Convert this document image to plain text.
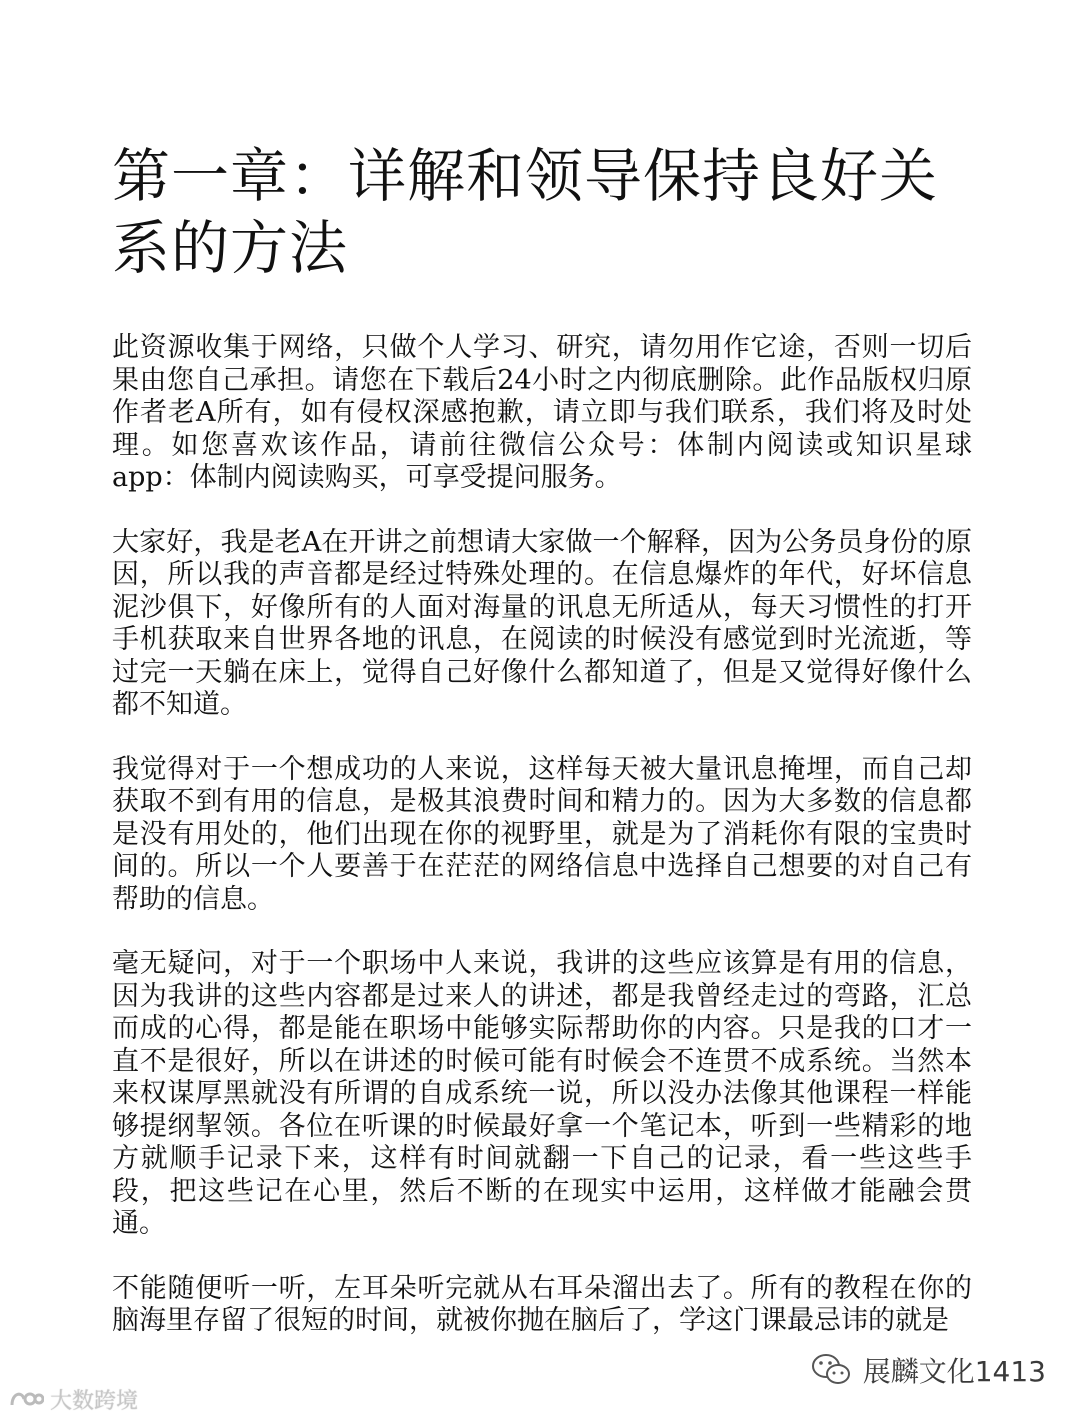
第一章：详解和领导保持良好关系的方法

此资源收集于网络，只做个人学习、研究，请勿用作它途，否则一切后果由您自己承担。请您在下载后24小时之内彻底删除。此作品版权归原作者老A所有，如有侵权深感抱歉，请立即与我们联系，我们将及时处理。如您喜欢该作品，请前往微信公众号：体制内阅读或知识星球app：体制内阅读购买，可享受提问服务。

大家好，我是老A在开讲之前想请大家做一个解释，因为公务员身份的原因，所以我的声音都是经过特殊处理的。在信息爆炸的年代，好坏信息泥沙俱下，好像所有的人面对海量的讯息无所适从，每天习惯性的打开手机获取来自世界各地的讯息，在阅读的时候没有感觉到时光流逝，等过完一天躺在床上，觉得自己好像什么都知道了，但是又觉得好像什么都不知道。

我觉得对于一个想成功的人来说，这样每天被大量讯息掩埋，而自己却获取不到有用的信息，是极其浪费时间和精力的。因为大多数的信息都是没有用处的，他们出现在你的视野里，就是为了消耗你有限的宝贵时间的。所以一个人要善于在茫茫的网络信息中选择自己想要的对自己有帮助的信息。

毫无疑问，对于一个职场中人来说，我讲的这些应该算是有用的信息，因为我讲的这些内容都是过来人的讲述，都是我曾经走过的弯路，汇总而成的心得，都是能在职场中能够实际帮助你的内容。只是我的口才一直不是很好，所以在讲述的时候可能有时候会不连贯不成系统。当然本来权谋厚黑就没有所谓的自成系统一说，所以没办法像其他课程一样能够提纲挈领。各位在听课的时候最好拿一个笔记本，听到一些精彩的地方就顺手记录下来，这样有时间就翻一下自己的记录，看一些这些手段，把这些记在心里，然后不断的在现实中运用，这样做才能融会贯通。

不能随便听一听，左耳朵听完就从右耳朵溜出去了。所有的教程在你的脑海里存留了很短的时间，就被你抛在脑后了，学这门课最忌讳的就是

展麟文化1413
大数跨境
